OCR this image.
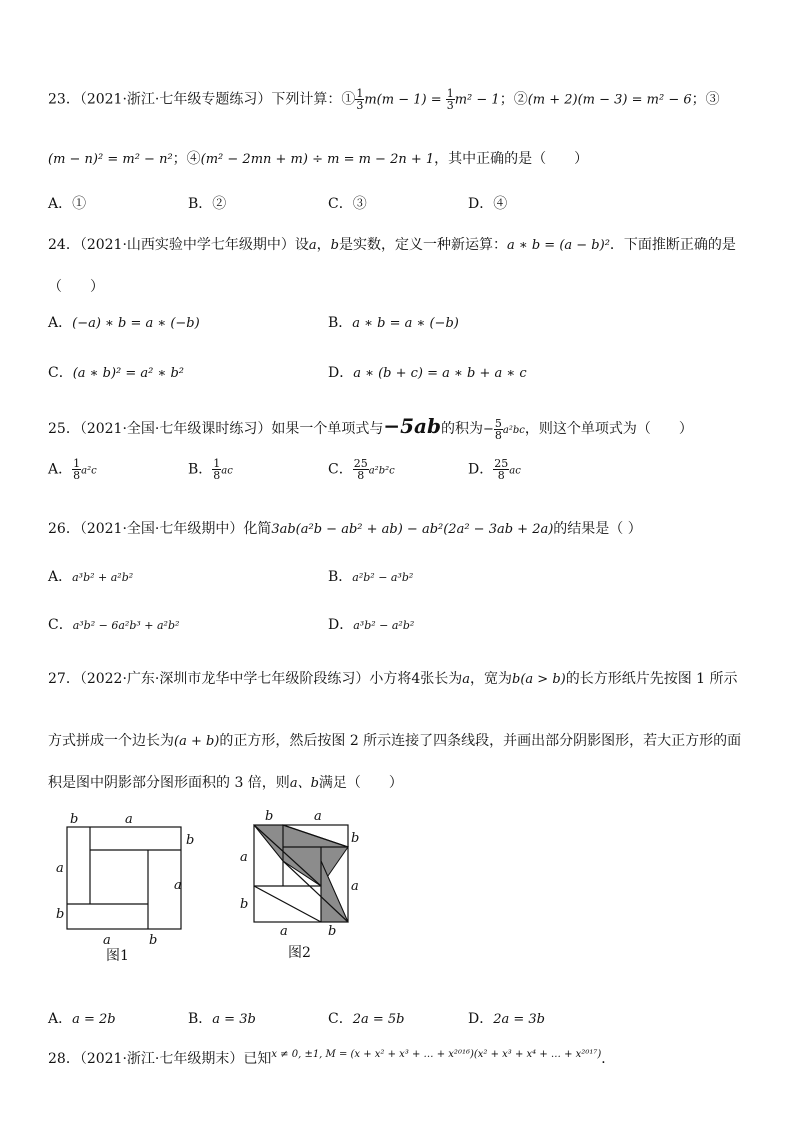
23．（2021·浙江·七年级专题练习）下列计算：① $\frac{1}{3} m(m - 1) = \frac{1}{3} m^2 - 1$；②(m + 2)(m − 3) = m² − 6；③
(m − n)² = m² − n²；④(m² − 2mn + m) ÷ m = m − 2n + 1，其中正确的是（　　）
A．①	B．②	C．③	D．④
24．（2021·山西实验中学七年级期中）设a，b是实数，定义一种新运算：a ∗ b = (a − b)²．下面推断正确的是
（　　）
A．(−a) ∗ b = a ∗ (−b)	B．a ∗ b = a ∗ (−b)
C．(a ∗ b)² = a² ∗ b²	D．a ∗ (b + c) = a ∗ b + a ∗ c
25．（2021·全国·七年级课时练习）如果一个单项式与−5ab的积为− $\frac{5}{8} a^2bc$，则这个单项式为（　　）
A． $\frac{1}{8} a^2c$	B． $\frac{1}{8}$ ac	C． $\frac{25}{8} a^2b^2c$	D． $\frac{25}{8}$ ac
26．（2021·全国·七年级期中）化简3ab(a²b − ab² + ab) − ab²(2a² − 3ab + 2a)的结果是（ ）
A．a³b² + a²b²	B．a²b² − a³b²
C．a³b² − 6a²b³ + a²b²	D．a³b² − a²b²
27．（2022·广东·深圳市龙华中学七年级阶段练习）小方将4张长为a，宽为b(a > b)的长方形纸片先按图 1 所示
方式拼成一个边长为(a + b)的正方形，然后按图 2 所示连接了四条线段，并画出部分阴影图形，若大正方形的面
积是图中阴影部分图形面积的 3 倍，则a、b满足（　　）
b	a
b
a
a
b
a	b
图1
b	a
b
a
a
b
a	b
图2
A．a = 2b	B．a = 3b	C．2a = 5b	D．2a = 3b
28．（2021·浙江·七年级期末）已知$^{x \ne 0, \pm 1, M = (x + x^2 + x^3 + \dots + x^{2016})(x^2 + x^3 + x^4 + \dots + x^{2017})}$．
